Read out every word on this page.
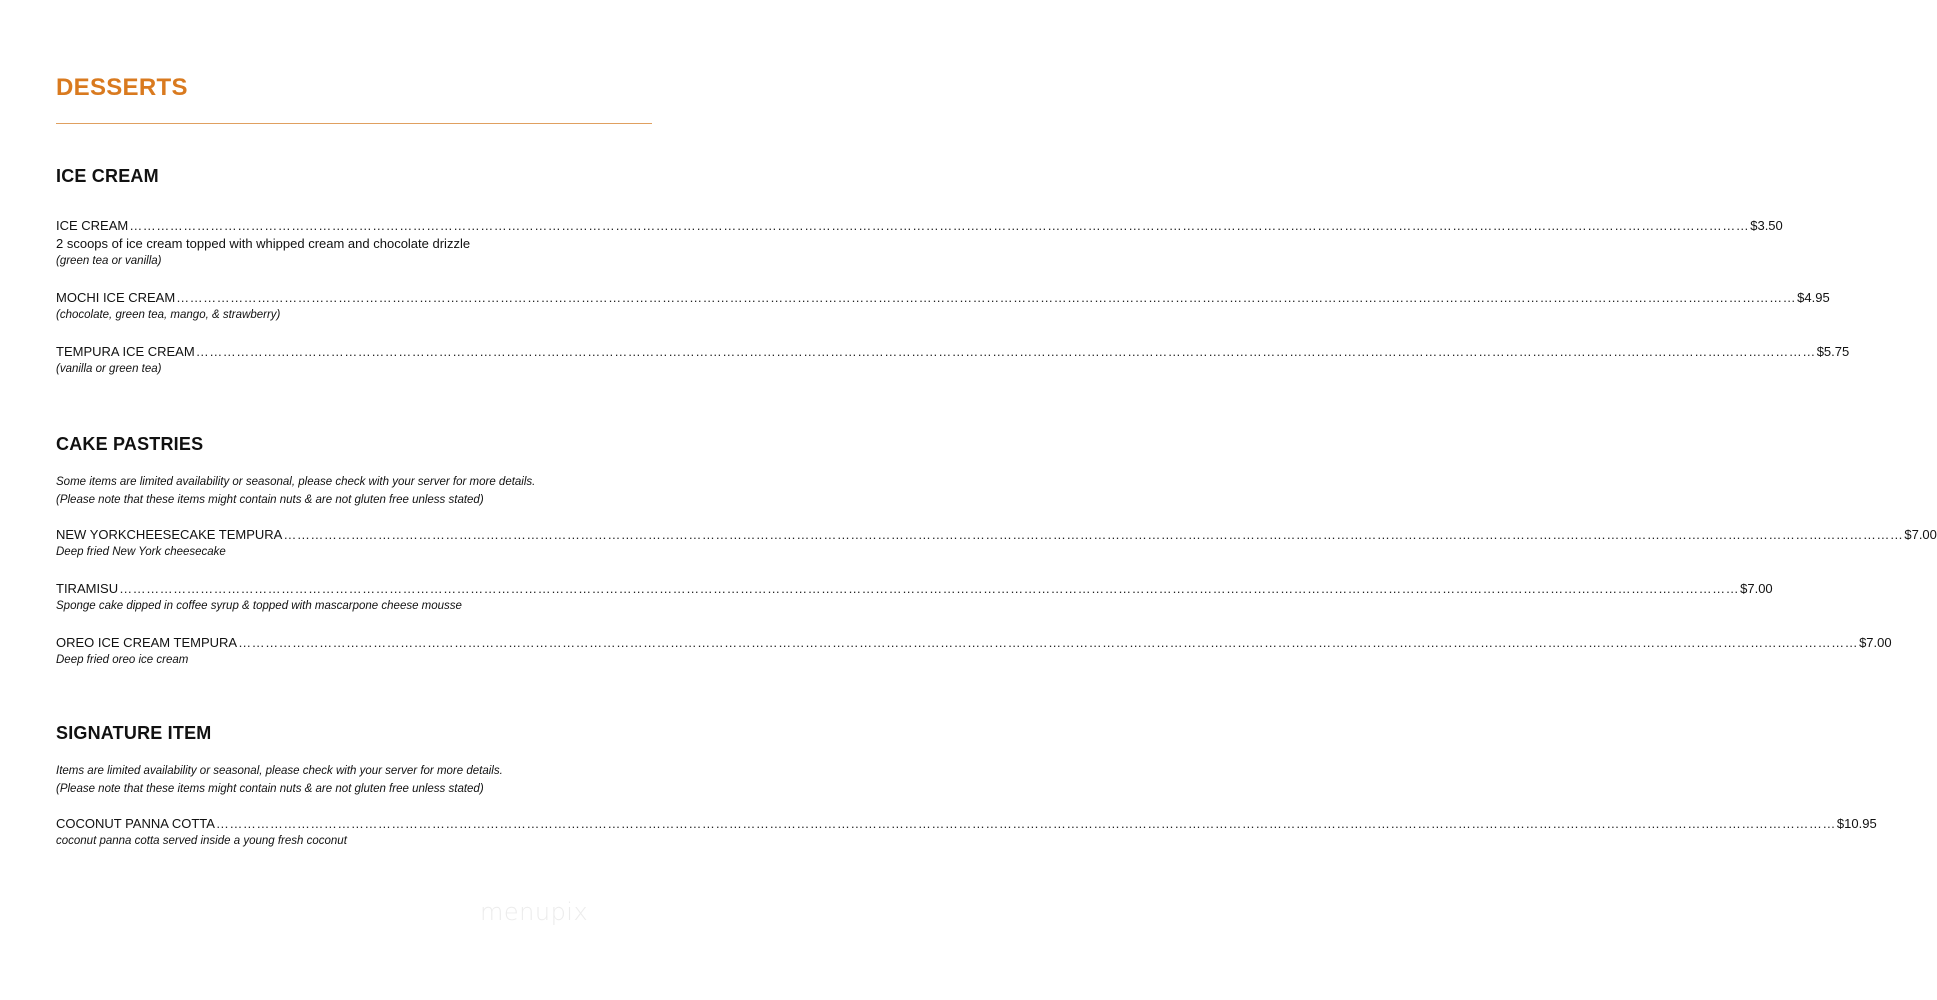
DESSERTS
ICE CREAM
ICE CREAM ……………………………………………………………………………………………………………………………………………………………………………………………………………………………………………………………………………………………………………………………… $3.50
2 scoops of ice cream topped with whipped cream and chocolate drizzle
(green tea or vanilla)
MOCHI ICE CREAM ……………………………………………………………………………………………………………………………………………………………………………………………………………………………………………………………………………………………………………………………… $4.95
(chocolate, green tea, mango, & strawberry)
TEMPURA ICE CREAM ……………………………………………………………………………………………………………………………………………………………………………………………………………………………………………………………………………………………………………………………… $5.75
(vanilla or green tea)
CAKE PASTRIES
Some items are limited availability or seasonal, please check with your server for more details.
(Please note that these items might contain nuts & are not gluten free unless stated)
NEW YORKCHEESECAKE TEMPURA ……………………………………………………………………………………………………………………………………………………………………………………………………………………………………………………………………………………………………………………………… $7.00
Deep fried New York cheesecake
TIRAMISU ……………………………………………………………………………………………………………………………………………………………………………………………………………………………………………………………………………………………………………………………… $7.00
Sponge cake dipped in coffee syrup & topped with mascarpone cheese mousse
OREO ICE CREAM TEMPURA ……………………………………………………………………………………………………………………………………………………………………………………………………………………………………………………………………………………………………………………………… $7.00
Deep fried oreo ice cream
SIGNATURE ITEM
Items are limited availability or seasonal, please check with your server for more details.
(Please note that these items might contain nuts & are not gluten free unless stated)
COCONUT PANNA COTTA ……………………………………………………………………………………………………………………………………………………………………………………………………………………………………………………………………………………………………………………………… $10.95
coconut panna cotta served inside a young fresh coconut
menupix
